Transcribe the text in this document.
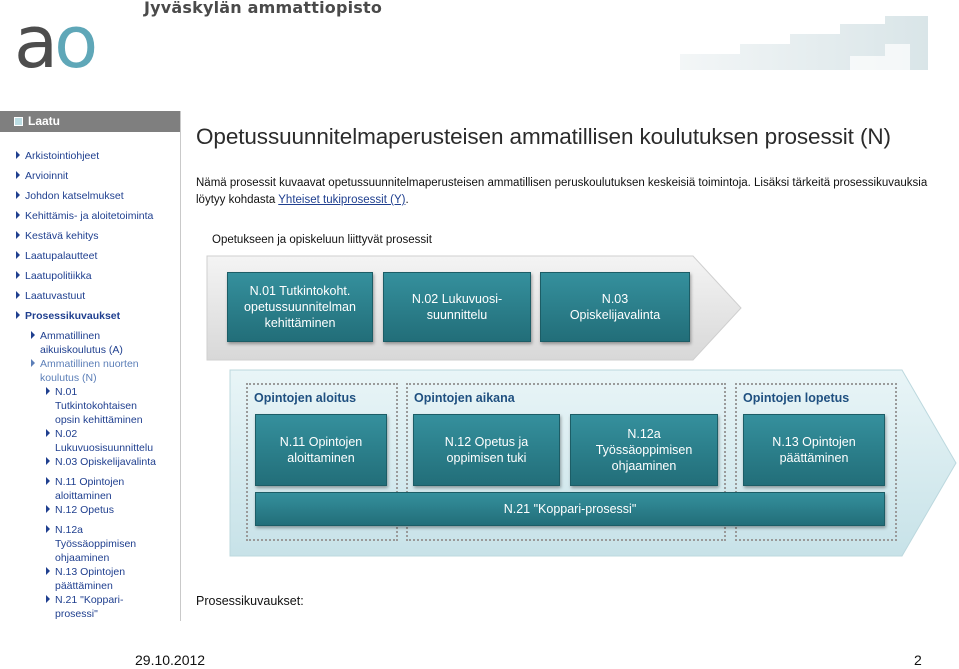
ao	Jyväskylän ammattiopisto
Laatu
Arkistointiohjeet
Arvioinnit
Johdon katselmukset
Kehittämis- ja aloitetoiminta
Kestävä kehitys
Laatupalautteet
Laatupolitiikka
Laatuvastuut
Prosessikuvaukset
Ammatillinen aikuiskoulutus (A)
Ammatillinen nuorten koulutus (N)
N.01 Tutkintokohtaisen opsin kehittäminen
N.02 Lukuvuosisuunnittelu
N.03 Opiskelijavalinta
N.11 Opintojen aloittaminen
N.12 Opetus
N.12a Työssäoppimisen ohjaaminen
N.13 Opintojen päättäminen
N.21 "Koppari-prosessi"
Opetussuunnitelmaperusteisen ammatillisen koulutuksen prosessit (N)
Nämä prosessit kuvaavat opetussuunnitelmaperusteisen ammatillisen peruskoulutuksen keskeisiä toimintoja. Lisäksi tärkeitä prosessikuvauksia löytyy kohdasta Yhteiset tukiprosessit (Y).
Opetukseen ja opiskeluun liittyvät prosessit
N.01 Tutkintokoht. opetussuunnitelman kehittäminen
N.02 Lukuvuosi-suunnittelu
N.03 Opiskelijavalinta
Opintojen aloitus	Opintojen aikana	Opintojen lopetus
N.11 Opintojen aloittaminen
N.12 Opetus ja oppimisen tuki
N.12a Työssäoppimisen ohjaaminen
N.13 Opintojen päättäminen
N.21 "Koppari-prosessi"
Prosessikuvaukset:
29.10.2012	2
